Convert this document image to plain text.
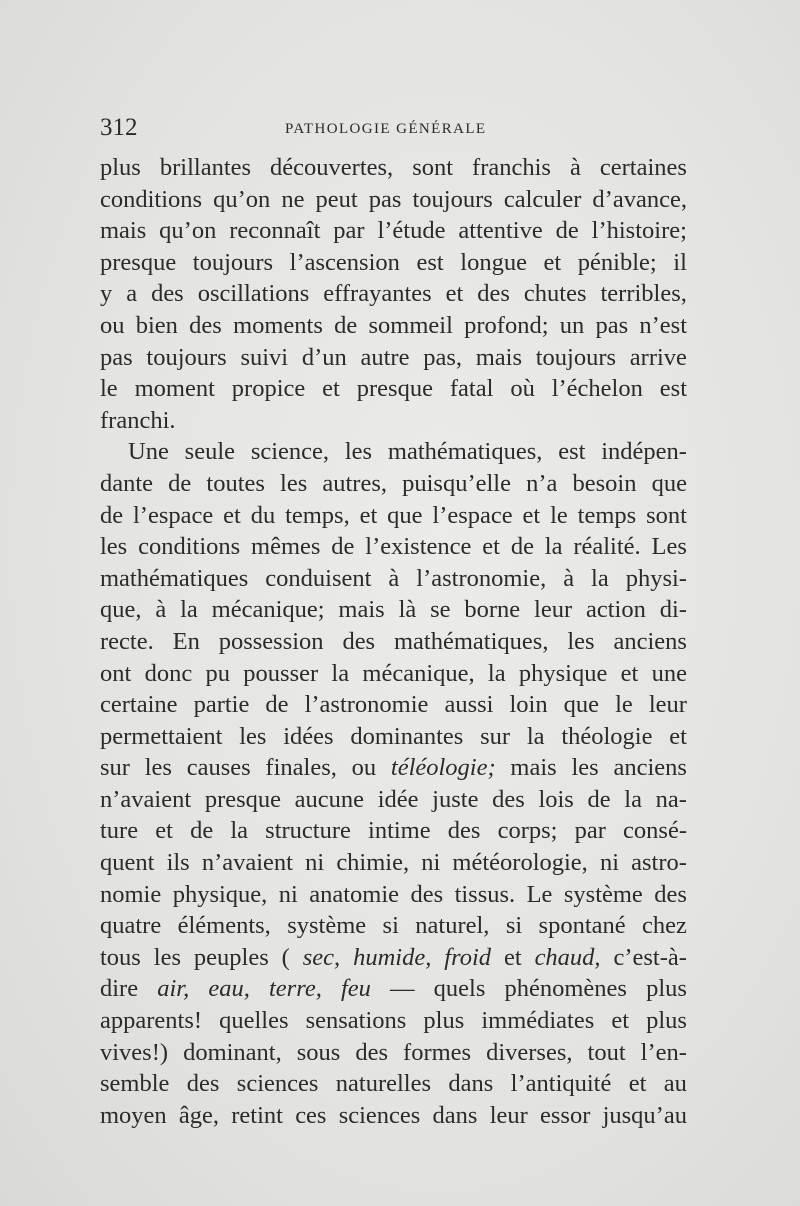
312	PATHOLOGIE GÉNÉRALE
plus brillantes découvertes, sont franchis à certaines
conditions qu’on ne peut pas toujours calculer d’avance,
mais qu’on reconnaît par l’étude attentive de l’histoire;
presque toujours l’ascension est longue et pénible; il
y a des oscillations effrayantes et des chutes terribles,
ou bien des moments de sommeil profond; un pas n’est
pas toujours suivi d’un autre pas, mais toujours arrive
le moment propice et presque fatal où l’échelon est
franchi.
Une seule science, les mathématiques, est indépen-
dante de toutes les autres, puisqu’elle n’a besoin que
de l’espace et du temps, et que l’espace et le temps sont
les conditions mêmes de l’existence et de la réalité. Les
mathématiques conduisent à l’astronomie, à la physi-
que, à la mécanique; mais là se borne leur action di-
recte. En possession des mathématiques, les anciens
ont donc pu pousser la mécanique, la physique et une
certaine partie de l’astronomie aussi loin que le leur
permettaient les idées dominantes sur la théologie et
sur les causes finales, ou téléologie; mais les anciens
n’avaient presque aucune idée juste des lois de la na-
ture et de la structure intime des corps; par consé-
quent ils n’avaient ni chimie, ni météorologie, ni astro-
nomie physique, ni anatomie des tissus. Le système des
quatre éléments, système si naturel, si spontané chez
tous les peuples ( sec, humide, froid et chaud, c’est-à-
dire air, eau, terre, feu — quels phénomènes plus
apparents! quelles sensations plus immédiates et plus
vives!) dominant, sous des formes diverses, tout l’en-
semble des sciences naturelles dans l’antiquité et au
moyen âge, retint ces sciences dans leur essor jusqu’au
